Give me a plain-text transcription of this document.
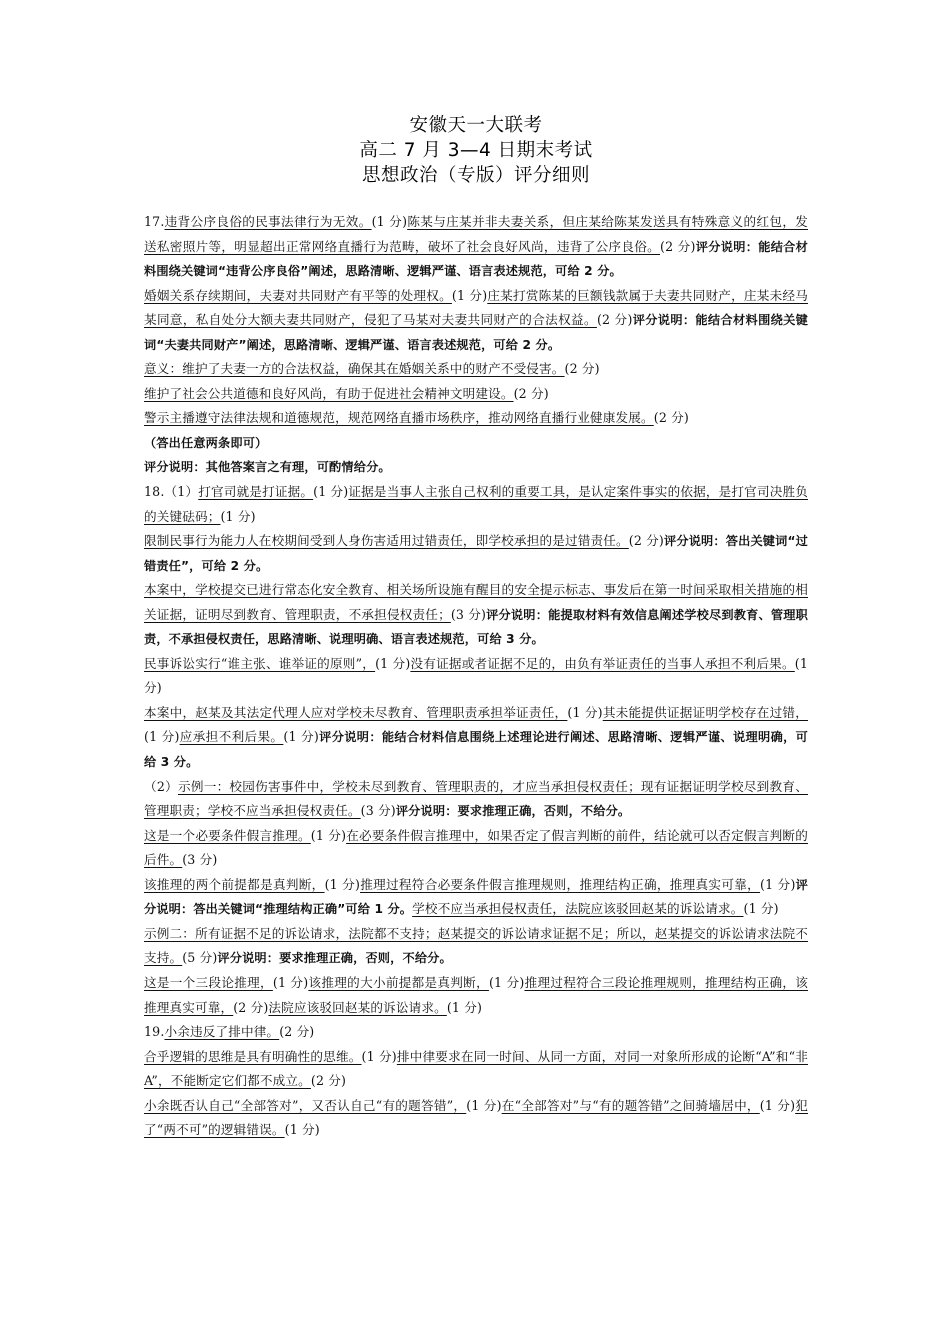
安徽天一大联考
高二 7 月 3—4 日期末考试
思想政治（专版）评分细则

17.违背公序良俗的民事法律行为无效。(1 分)陈某与庄某并非夫妻关系，但庄某给陈某发送具有特殊意义的红包，发送私密照片等，明显超出正常网络直播行为范畴，破坏了社会良好风尚，违背了公序良俗。(2 分)评分说明：能结合材料围绕关键词“违背公序良俗”阐述，思路清晰、逻辑严谨、语言表述规范，可给 2 分。

婚姻关系存续期间，夫妻对共同财产有平等的处理权。(1 分)庄某打赏陈某的巨额钱款属于夫妻共同财产，庄某未经马某同意，私自处分大额夫妻共同财产，侵犯了马某对夫妻共同财产的合法权益。(2 分)评分说明：能结合材料围绕关键词“夫妻共同财产”阐述，思路清晰、逻辑严谨、语言表述规范，可给 2 分。

意义：维护了夫妻一方的合法权益，确保其在婚姻关系中的财产不受侵害。(2 分)

维护了社会公共道德和良好风尚，有助于促进社会精神文明建设。(2 分)

警示主播遵守法律法规和道德规范，规范网络直播市场秩序，推动网络直播行业健康发展。(2 分)

（答出任意两条即可）

评分说明：其他答案言之有理，可酌情给分。

18.（1）打官司就是打证据。(1 分)证据是当事人主张自己权利的重要工具，是认定案件事实的依据，是打官司决胜负的关键砝码；(1 分)

限制民事行为能力人在校期间受到人身伤害适用过错责任，即学校承担的是过错责任。(2 分)评分说明：答出关键词“过错责任”，可给 2 分。

本案中，学校提交已进行常态化安全教育、相关场所设施有醒目的安全提示标志、事发后在第一时间采取相关措施的相关证据，证明尽到教育、管理职责，不承担侵权责任；(3 分)评分说明：能提取材料有效信息阐述学校尽到教育、管理职责，不承担侵权责任，思路清晰、说理明确、语言表述规范，可给 3 分。

民事诉讼实行“谁主张、谁举证的原则”，(1 分)没有证据或者证据不足的，由负有举证责任的当事人承担不利后果。(1 分)

本案中，赵某及其法定代理人应对学校未尽教育、管理职责承担举证责任，(1 分)其未能提供证据证明学校存在过错，(1 分)应承担不利后果。(1 分)评分说明：能结合材料信息围绕上述理论进行阐述、思路清晰、逻辑严谨、说理明确，可给 3 分。

（2）示例一：校园伤害事件中，学校未尽到教育、管理职责的，才应当承担侵权责任；现有证据证明学校尽到教育、管理职责；学校不应当承担侵权责任。(3 分)评分说明：要求推理正确，否则，不给分。

这是一个必要条件假言推理。(1 分)在必要条件假言推理中，如果否定了假言判断的前件，结论就可以否定假言判断的后件。(3 分)

该推理的两个前提都是真判断，(1 分)推理过程符合必要条件假言推理规则，推理结构正确，推理真实可靠，(1 分)评分说明：答出关键词“推理结构正确”可给 1 分。学校不应当承担侵权责任，法院应该驳回赵某的诉讼请求。(1 分)

示例二：所有证据不足的诉讼请求，法院都不支持；赵某提交的诉讼请求证据不足；所以，赵某提交的诉讼请求法院不支持。(5 分)评分说明：要求推理正确，否则，不给分。

这是一个三段论推理，(1 分)该推理的大小前提都是真判断，(1 分)推理过程符合三段论推理规则，推理结构正确，该推理真实可靠，(2 分)法院应该驳回赵某的诉讼请求。(1 分)

19.小余违反了排中律。(2 分)

合乎逻辑的思维是具有明确性的思维。(1 分)排中律要求在同一时间、从同一方面，对同一对象所形成的论断“A”和“非 A”，不能断定它们都不成立。(2 分)

小余既否认自己“全部答对”，又否认自己“有的题答错”，(1 分)在“全部答对”与“有的题答错”之间骑墙居中，(1 分)犯了“两不可”的逻辑错误。(1 分)
